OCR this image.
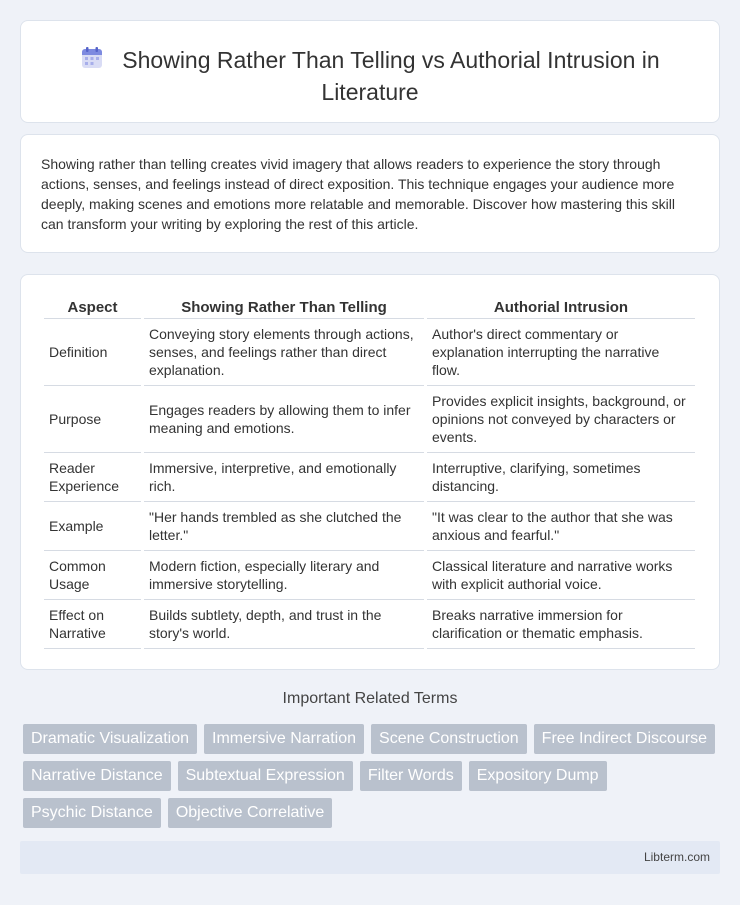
Showing Rather Than Telling vs Authorial Intrusion in Literature

Showing rather than telling creates vivid imagery that allows readers to experience the story through actions, senses, and feelings instead of direct exposition. This technique engages your audience more deeply, making scenes and emotions more relatable and memorable. Discover how mastering this skill can transform your writing by exploring the rest of this article.

Aspect	Showing Rather Than Telling	Authorial Intrusion
Definition	Conveying story elements through actions, senses, and feelings rather than direct explanation.	Author's direct commentary or explanation interrupting the narrative flow.
Purpose	Engages readers by allowing them to infer meaning and emotions.	Provides explicit insights, background, or opinions not conveyed by characters or events.
Reader Experience	Immersive, interpretive, and emotionally rich.	Interruptive, clarifying, sometimes distancing.
Example	"Her hands trembled as she clutched the letter."	"It was clear to the author that she was anxious and fearful."
Common Usage	Modern fiction, especially literary and immersive storytelling.	Classical literature and narrative works with explicit authorial voice.
Effect on Narrative	Builds subtlety, depth, and trust in the story's world.	Breaks narrative immersion for clarification or thematic emphasis.
Important Related Terms
Dramatic Visualization	Immersive Narration	Scene Construction	Free Indirect Discourse
Narrative Distance	Subtextual Expression	Filter Words	Expository Dump
Psychic Distance	Objective Correlative
Libterm.com
